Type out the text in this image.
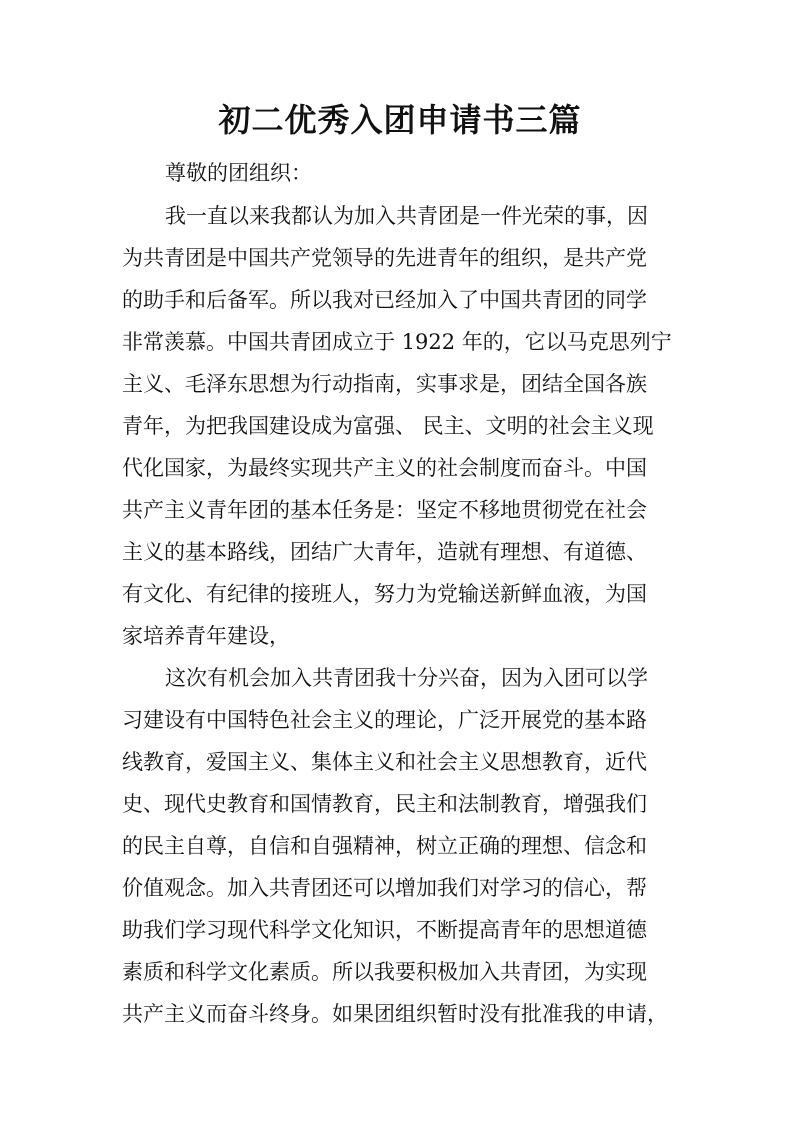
初二优秀入团申请书三篇
尊敬的团组织：
我一直以来我都认为加入共青团是一件光荣的事，因
为共青团是中国共产党领导的先进青年的组织，是共产党
的助手和后备军。所以我对已经加入了中国共青团的同学
非常羡慕。中国共青团成立于 1922 年的，它以马克思列宁
主义、毛泽东思想为行动指南，实事求是，团结全国各族
青年，为把我国建设成为富强、 民主、文明的社会主义现
代化国家，为最终实现共产主义的社会制度而奋斗。中国
共产主义青年团的基本任务是：坚定不移地贯彻党在社会
主义的基本路线，团结广大青年，造就有理想、有道德、
有文化、有纪律的接班人，努力为党输送新鲜血液，为国
家培养青年建设，
这次有机会加入共青团我十分兴奋，因为入团可以学
习建设有中国特色社会主义的理论，广泛开展党的基本路
线教育，爱国主义、集体主义和社会主义思想教育，近代
史、现代史教育和国情教育，民主和法制教育，增强我们
的民主自尊，自信和自强精神，树立正确的理想、信念和
价值观念。加入共青团还可以增加我们对学习的信心，帮
助我们学习现代科学文化知识，不断提高青年的思想道德
素质和科学文化素质。所以我要积极加入共青团，为实现
共产主义而奋斗终身。如果团组织暂时没有批准我的申请，
